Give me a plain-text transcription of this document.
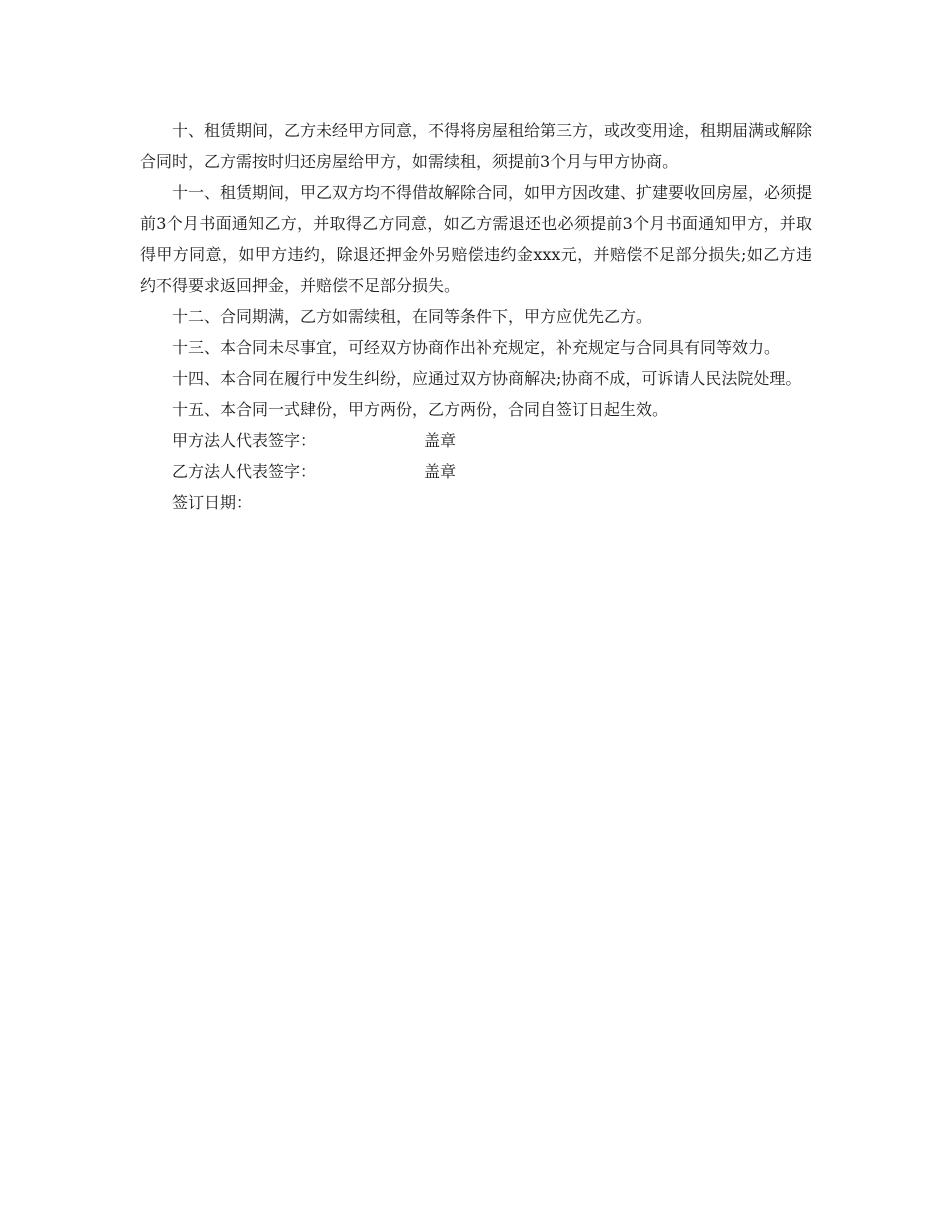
十、租赁期间，乙方未经甲方同意，不得将房屋租给第三方，或改变用途，租期届满或解除合同时，乙方需按时归还房屋给甲方，如需续租，须提前3个月与甲方协商。

十一、租赁期间，甲乙双方均不得借故解除合同，如甲方因改建、扩建要收回房屋，必须提前3个月书面通知乙方，并取得乙方同意，如乙方需退还也必须提前3个月书面通知甲方，并取得甲方同意，如甲方违约，除退还押金外另赔偿违约金xxx元，并赔偿不足部分损失;如乙方违约不得要求返回押金，并赔偿不足部分损失。

十二、合同期满，乙方如需续租，在同等条件下，甲方应优先乙方。

十三、本合同未尽事宜，可经双方协商作出补充规定，补充规定与合同具有同等效力。

十四、本合同在履行中发生纠纷，应通过双方协商解决;协商不成，可诉请人民法院处理。

十五、本合同一式肆份，甲方两份，乙方两份，合同自签订日起生效。

甲方法人代表签字：	盖章
乙方法人代表签字：	盖章
签订日期：
